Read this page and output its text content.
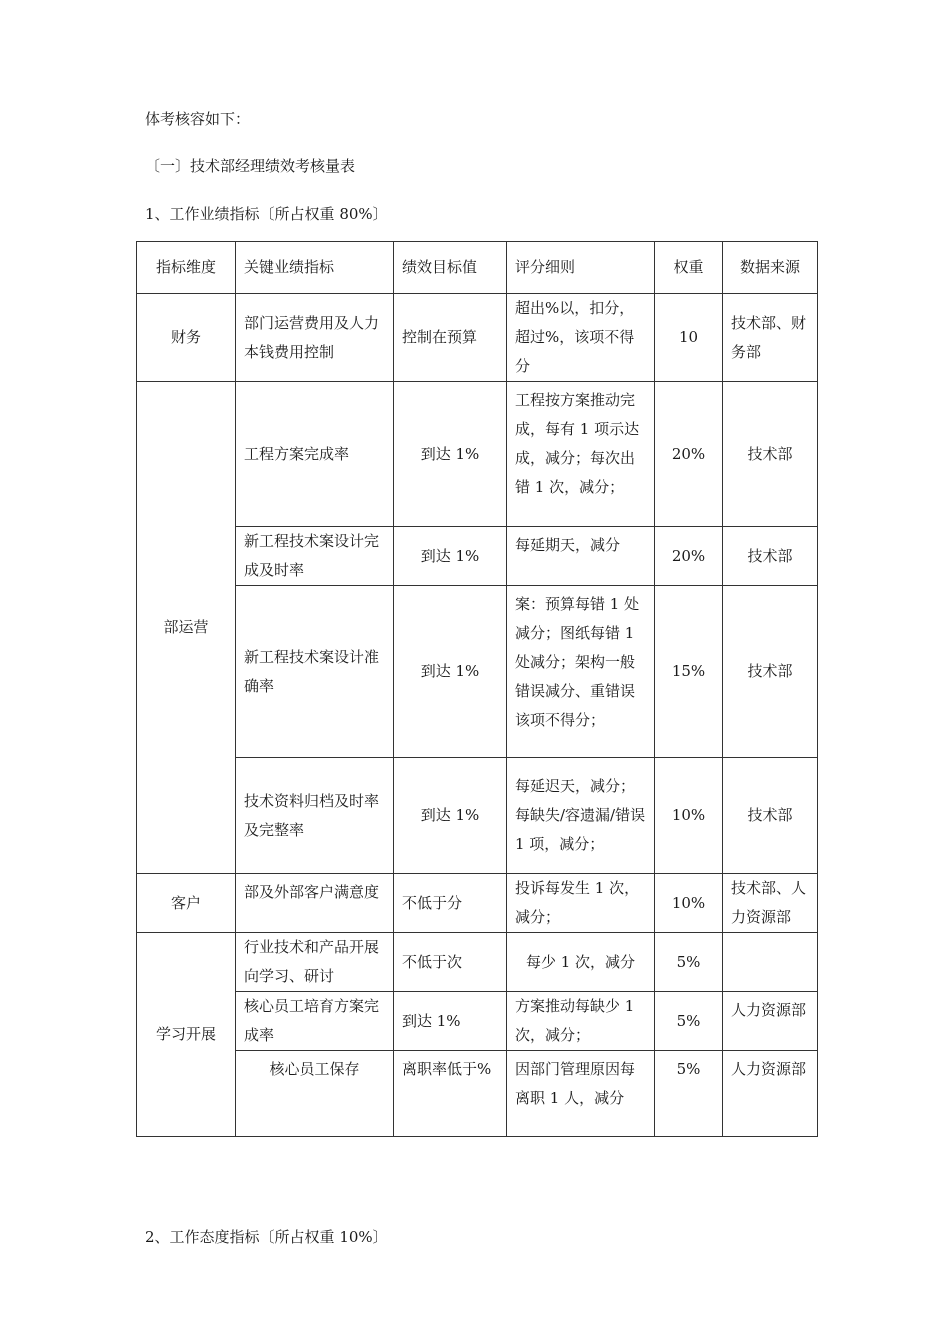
体考核容如下：
〔一〕技术部经理绩效考核量表
1、工作业绩指标〔所占权重 80%〕
指标维度	关键业绩指标	绩效目标值	评分细则	权重	数据来源
财务	部门运营费用及人力本钱费用控制	控制在预算	超出%以，扣分，超过%，该项不得分	10	技术部、财务部
部运营	工程方案完成率	到达 1%	工程按方案推动完成，每有 1 项示达成，减分；每次出错 1 次，减分；	20%	技术部
	新工程技术案设计完成及时率	到达 1%	每延期天，减分	20%	技术部
	新工程技术案设计准确率	到达 1%	案：预算每错 1 处减分；图纸每错 1 处减分；架构一般错误减分、重错误该项不得分；	15%	技术部
	技术资料归档及时率及完整率	到达 1%	每延迟天，减分；每缺失/容遗漏/错误 1 项，减分；	10%	技术部
客户	部及外部客户满意度	不低于分	投诉每发生 1 次，减分；	10%	技术部、人力资源部
学习开展	行业技术和产品开展向学习、研讨	不低于次	每少 1 次，减分	5%	
	核心员工培育方案完成率	到达 1%	方案推动每缺少 1 次，减分；	5%	人力资源部
	核心员工保存	离职率低于%	因部门管理原因每离职 1 人，减分	5%	人力资源部
2、工作态度指标〔所占权重 10%〕
